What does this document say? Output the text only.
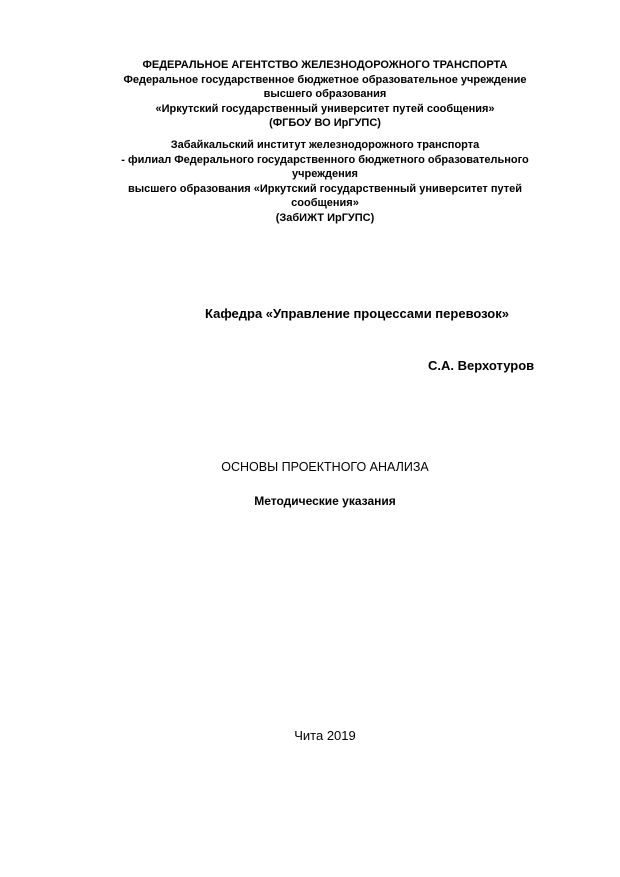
ФЕДЕРАЛЬНОЕ АГЕНТСТВО ЖЕЛЕЗНОДОРОЖНОГО ТРАНСПОРТА
Федеральное государственное бюджетное образовательное учреждение
высшего образования
«Иркутский государственный университет путей сообщения»
(ФГБОУ ВО ИрГУПС)
Забайкальский институт железнодорожного транспорта
- филиал Федерального государственного бюджетного образовательного
учреждения
высшего образования «Иркутский государственный университет путей
сообщения»
(ЗабИЖТ ИрГУПС)
Кафедра «Управление процессами перевозок»
С.А. Верхотуров
ОСНОВЫ ПРОЕКТНОГО АНАЛИЗА
Методические указания
Чита 2019
